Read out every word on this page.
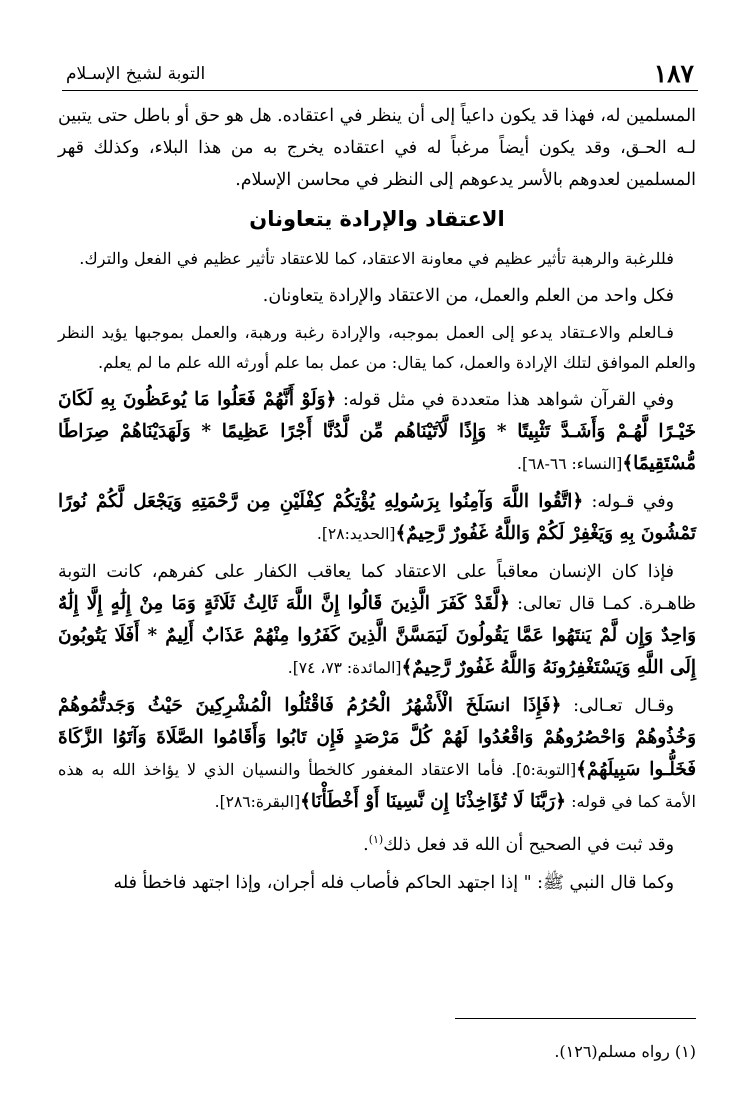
١٨٧
التوبة لشيخ الإسـلام

المسلمين له، فهذا قد يكون داعياً إلى أن ينظر في اعتقاده. هل هو حق أو باطل حتى يتبين لـه الحـق، وقد يكون أيضاً مرغباً له في اعتقاده يخرج به من هذا البلاء، وكذلك قهر المسلمين لعدوهم بالأسر يدعوهم إلى النظر في محاسن الإسلام.

الاعتقاد والإرادة يتعاونان

فللرغبة والرهبة تأثير عظيم في معاونة الاعتقاد، كما للاعتقاد تأثير عظيم في الفعل والترك.

فكل واحد من العلم والعمل، من الاعتقاد والإرادة يتعاونان.

فـالعلم والاعـتقاد يدعو إلى العمل بموجبه، والإرادة رغبة ورهبة، والعمل بموجبها يؤيد النظر والعلم الموافق لتلك الإرادة والعمل، كما يقال: من عمل بما علم أورثه الله علم ما لم يعلم.

وفي القرآن شواهد هذا متعددة في مثل قوله: ﴿وَلَوْ أَنَّهُمْ فَعَلُوا مَا يُوعَظُونَ بِهِ لَكَانَ خَيْـرًا لَّهُـمْ وَأَشَـدَّ تَثْبِيتًا * وَإِذًا لَّآتَيْنَاهُم مِّن لَّدُنَّا أَجْرًا عَظِيمًا * وَلَهَدَيْنَاهُمْ صِرَاطًا مُّسْتَقِيمًا﴾[النساء: ٦٦-٦٨].

وفي قـوله: ﴿اتَّقُوا اللَّهَ وَآمِنُوا بِرَسُولِهِ يُؤْتِكُمْ كِفْلَيْنِ مِن رَّحْمَتِهِ وَيَجْعَل لَّكُمْ نُورًا تَمْشُونَ بِهِ وَيَغْفِرْ لَكُمْ وَاللَّهُ غَفُورٌ رَّحِيمٌ﴾[الحديد:٢٨].

فإذا كان الإنسان معاقباً على الاعتقاد كما يعاقب الكفار على كفرهم، كانت التوبة ظاهـرة. كمـا قال تعالى: ﴿لَّقَدْ كَفَرَ الَّذِينَ قَالُوا إِنَّ اللَّهَ ثَالِثُ ثَلَاثَةٍ وَمَا مِنْ إِلَٰهٍ إِلَّا إِلَٰهٌ وَاحِدٌ وَإِن لَّمْ يَنتَهُوا عَمَّا يَقُولُونَ لَيَمَسَّنَّ الَّذِينَ كَفَرُوا مِنْهُمْ عَذَابٌ أَلِيمٌ * أَفَلَا يَتُوبُونَ إِلَى اللَّهِ وَيَسْتَغْفِرُونَهُ وَاللَّهُ غَفُورٌ رَّحِيمٌ﴾[المائدة: ٧٣، ٧٤].

وقـال تعـالى: ﴿فَإِذَا انسَلَخَ الْأَشْهُرُ الْحُرُمُ فَاقْتُلُوا الْمُشْرِكِينَ حَيْثُ وَجَدتُّمُوهُمْ وَخُذُوهُمْ وَاحْصُرُوهُمْ وَاقْعُدُوا لَهُمْ كُلَّ مَرْصَدٍ فَإِن تَابُوا وَأَقَامُوا الصَّلَاةَ وَآتَوُا الزَّكَاةَ فَخَلُّـوا سَبِيلَهُمْ﴾[التوبة:٥]. فأما الاعتقاد المغفور كالخطأ والنسيان الذي لا يؤاخذ الله به هذه الأمة كما في قوله: ﴿رَبَّنَا لَا تُؤَاخِذْنَا إِن نَّسِينَا أَوْ أَخْطَأْنَا﴾[البقرة:٢٨٦].

وقد ثبت في الصحيح أن الله قد فعل ذلك$^{(١)}$.

وكما قال النبي ﷺ: " إذا اجتهد الحاكم فأصاب فله أجران، وإذا اجتهد فاخطأ فله

(١) رواه مسلم(١٢٦).
